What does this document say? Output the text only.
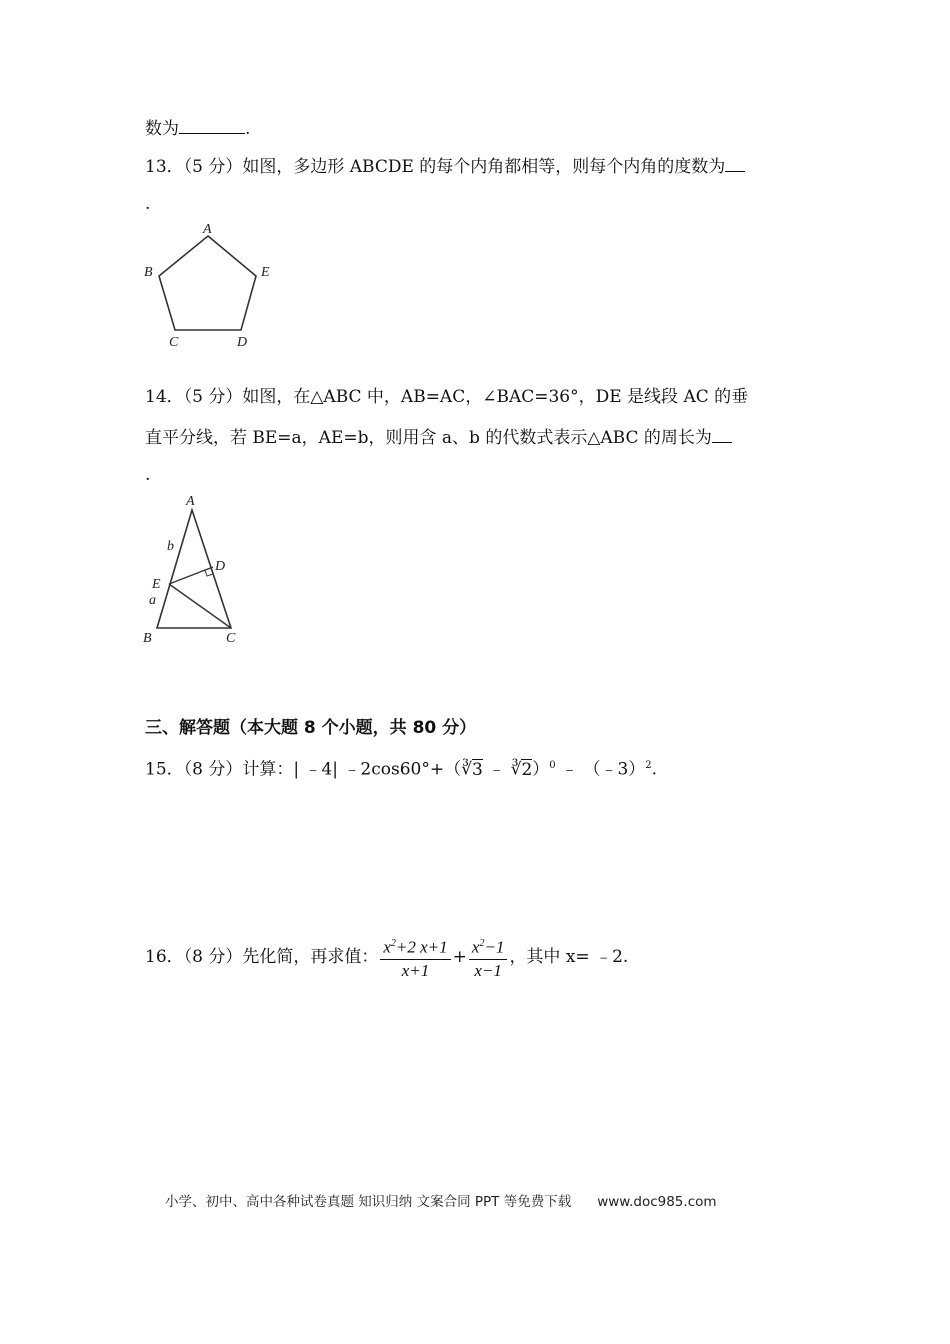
数为	.
13．（5 分）如图，多边形 ABCDE 的每个内角都相等，则每个内角的度数为
.
A
B	E
C	D
14．（5 分）如图，在△ABC 中，AB=AC，∠BAC=36°，DE 是线段 AC 的垂
直平分线，若 BE=a，AE=b，则用含 a、b 的代数式表示△ABC 的周长为
.
A
b
D
E
a
B	C
三、解答题（本大题 8 个小题，共 80 分）
15．（8 分）计算：| ﹣4| ﹣2cos60°+（∛3 ﹣ ∛2）$^0$ ﹣ （﹣3）$^2$.
16．（8 分）先化简，再求值： $\frac{x^2+2 x+1}{x+1} + \frac{x^2-1}{x-1}$ ，其中 x= ﹣2.
小学、初中、高中各种试卷真题 知识归纳 文案合同 PPT 等免费下载 www.doc985.com
